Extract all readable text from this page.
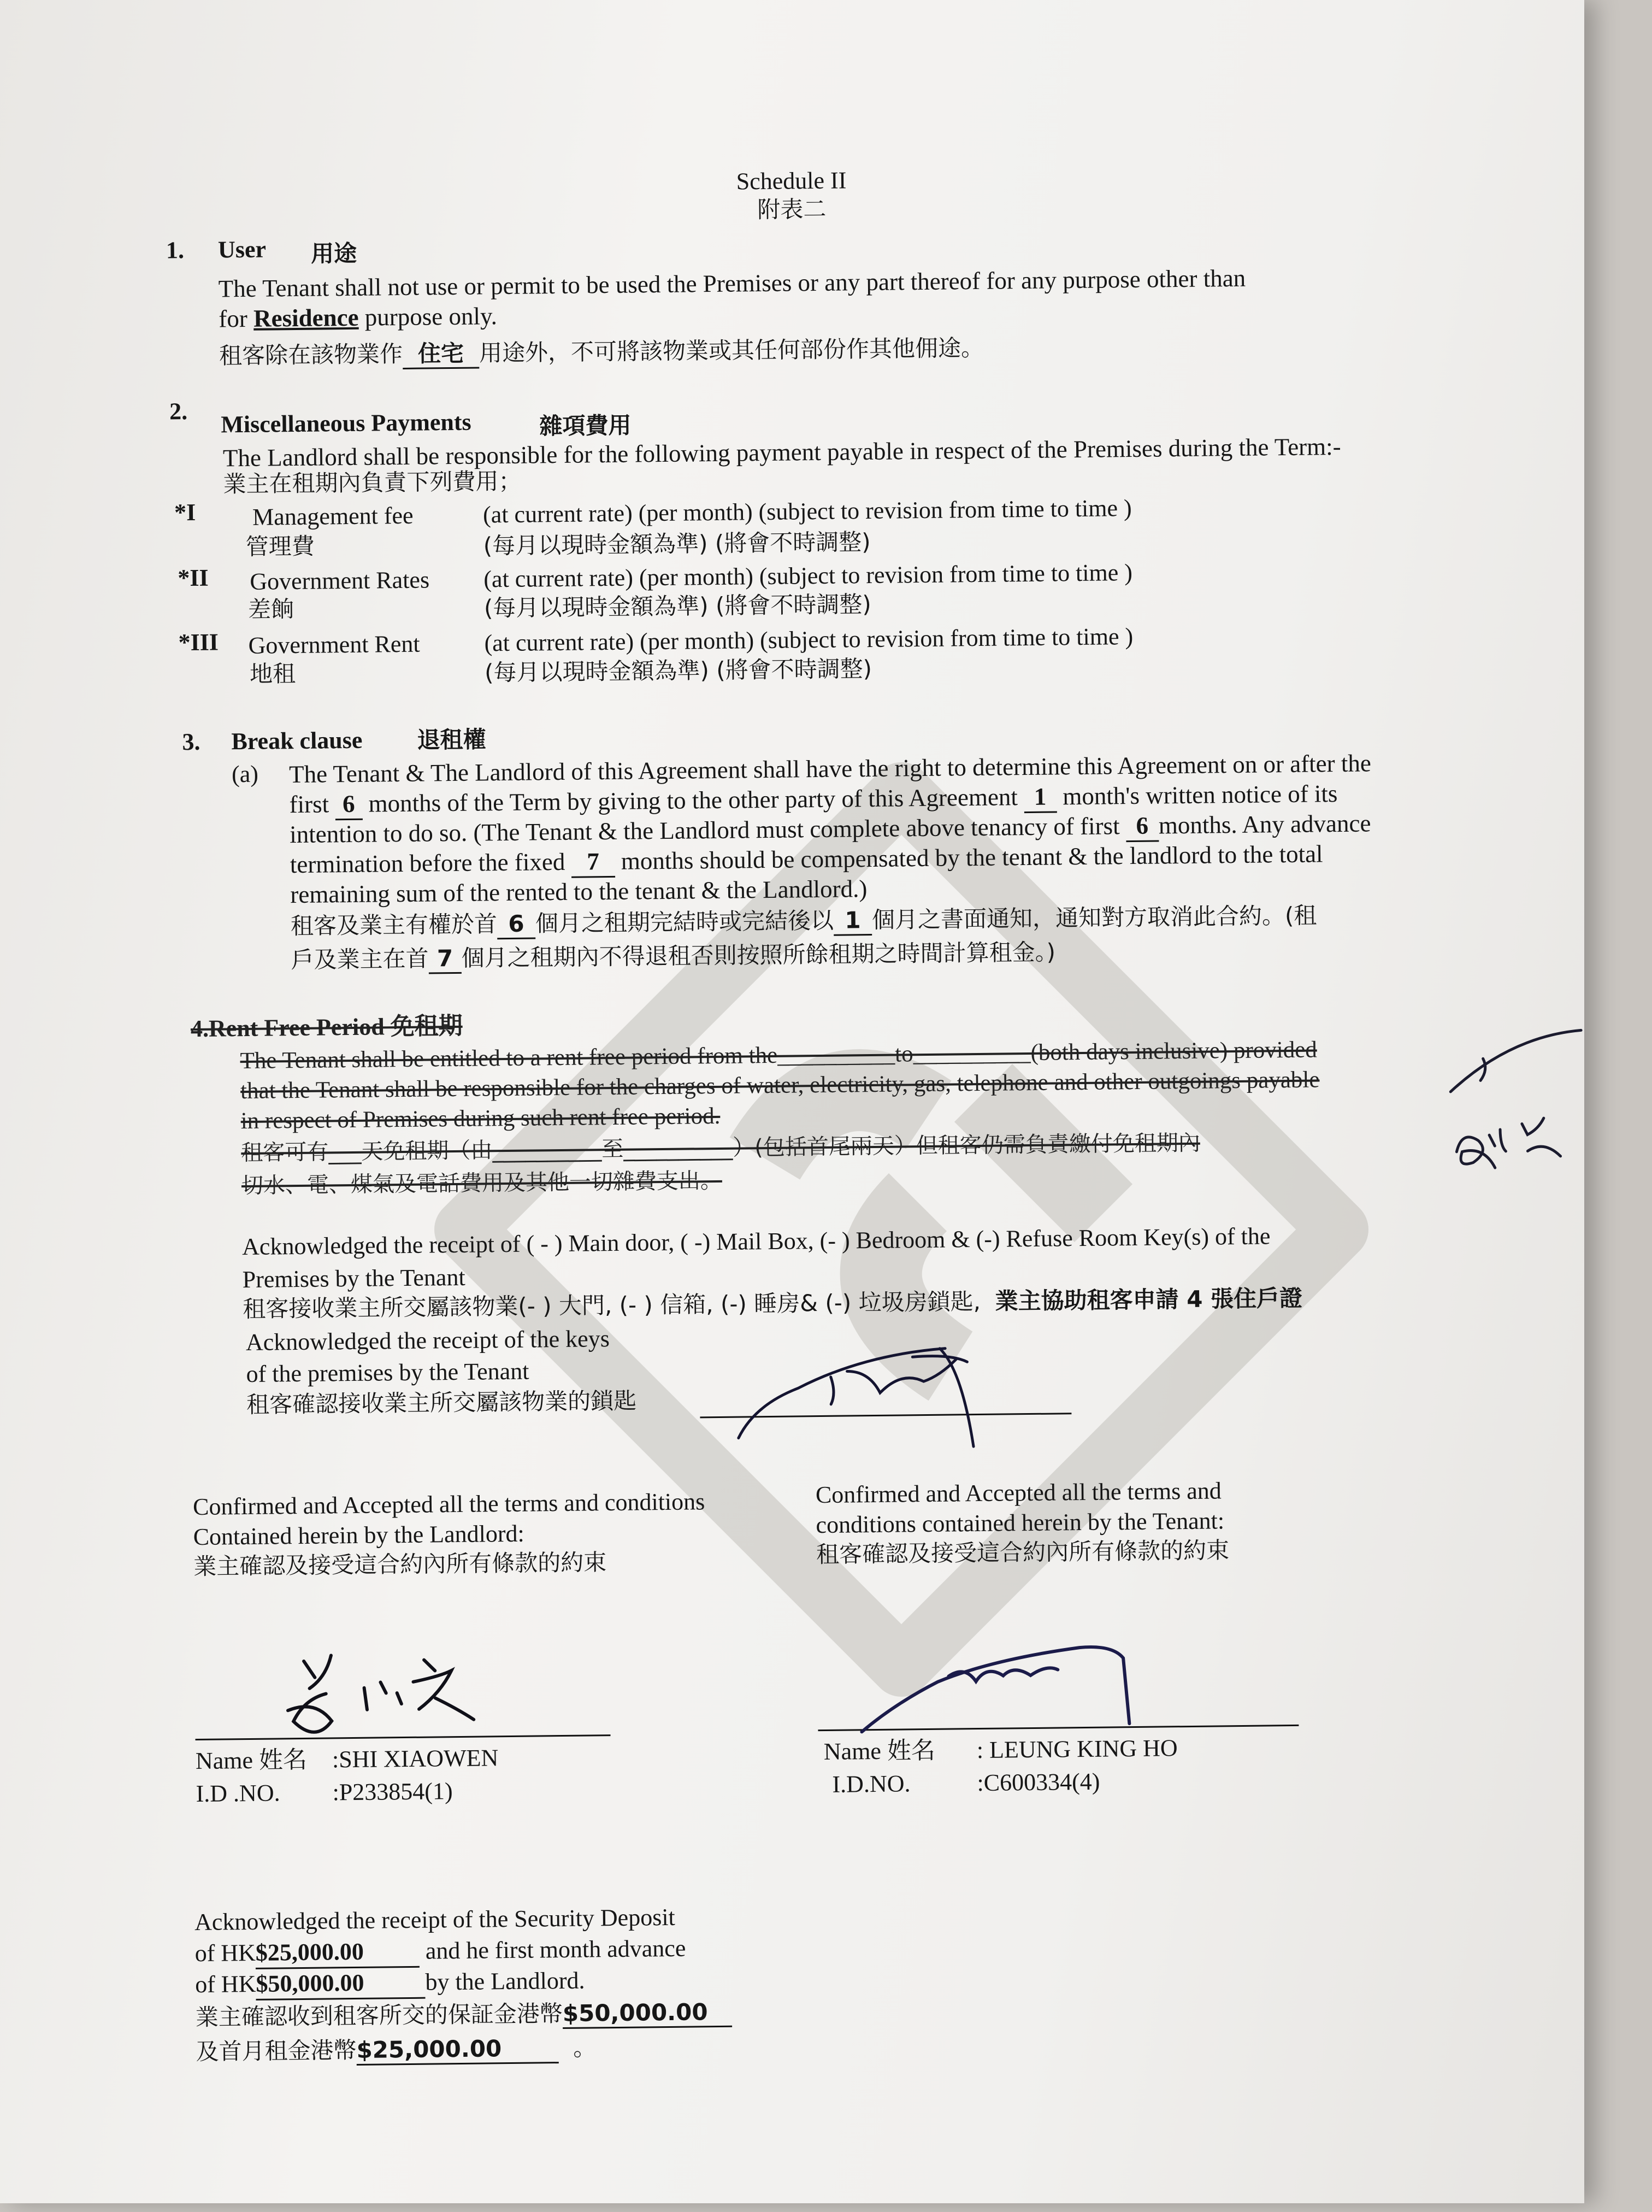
Schedule II
附表二
1. User 用途
The Tenant shall not use or permit to be used the Premises or any part thereof for any purpose other than
for Residence purpose only.
租客除在該物業作 住宅 用途外，不可將該物業或其任何部份作其他佣途。
2. Miscellaneous Payments	雜項費用
The Landlord shall be responsible for the following payment payable in respect of the Premises during the Term:-
業主在租期內負責下列費用；
*I Management fee
管理費
(at current rate) (per month) (subject to revision from time to time )
(每月以現時金額為準) (將會不時調整)
*II Government Rates
差餉
(at current rate) (per month) (subject to revision from time to time )
(每月以現時金額為準) (將會不時調整)
*III Government Rent
地租
(at current rate) (per month) (subject to revision from time to time )
(每月以現時金額為準) (將會不時調整)
3. Break clause 退租權
(a) The Tenant & The Landlord of this Agreement shall have the right to determine this Agreement on or after the
first 6 months of the Term by giving to the other party of this Agreement 1 month's written notice of its
intention to do so. (The Tenant & the Landlord must complete above tenancy of first 6 months. Any advance
termination before the fixed 7 months should be compensated by the tenant & the landlord to the total
remaining sum of the rented to the tenant & the Landlord.)
租客及業主有權於首 6 個月之租期完結時或完結後以 1 個月之書面通知，通知對方取消此合約。(租
戶及業主在首 7 個月之租期內不得退租否則按照所餘租期之時間計算租金。)
4.Rent Free Period 免租期
The Tenant shall be entitled to a rent free period from the__________to__________(both days inclusive) provided
that the Tenant shall be responsible for the charges of water, electricity, gas, telephone and other outgoings payable
in respect of Premises during such rent free period.
租客可有___天免租期（由__________至__________）(包括首尾兩天）但租客仍需負責繳付免租期內
切水、電、煤氣及電話費用及其他一切雜費支出。
Acknowledged the receipt of ( - ) Main door, ( -) Mail Box, (- ) Bedroom & (-) Refuse Room Key(s) of the
Premises by the Tenant
租客接收業主所交屬該物業(- ) 大門, (- ) 信箱, (-) 睡房& (-) 垃圾房鎖匙, 業主協助租客申請 4 張住戶證
Acknowledged the receipt of the keys
of the premises by the Tenant
租客確認接收業主所交屬該物業的鎖匙
Confirmed and Accepted all the terms and conditions
Contained herein by the Landlord:
業主確認及接受這合約內所有條款的約束
Confirmed and Accepted all the terms and
conditions contained herein by the Tenant:
租客確認及接受這合約內所有條款的約束
Name 姓名 :SHI XIAOWEN
I.D .NO. :P233854(1)
Name 姓名 : LEUNG KING HO
I.D.NO.	:C600334(4)
Acknowledged the receipt of the Security Deposit
of HK$25,000.00 and he first month advance
of HK$50,000.00	by the Landlord.
業主確認收到租客所交的保証金港幣$50,000.00
及首月租金港幣$25,000.00	。
